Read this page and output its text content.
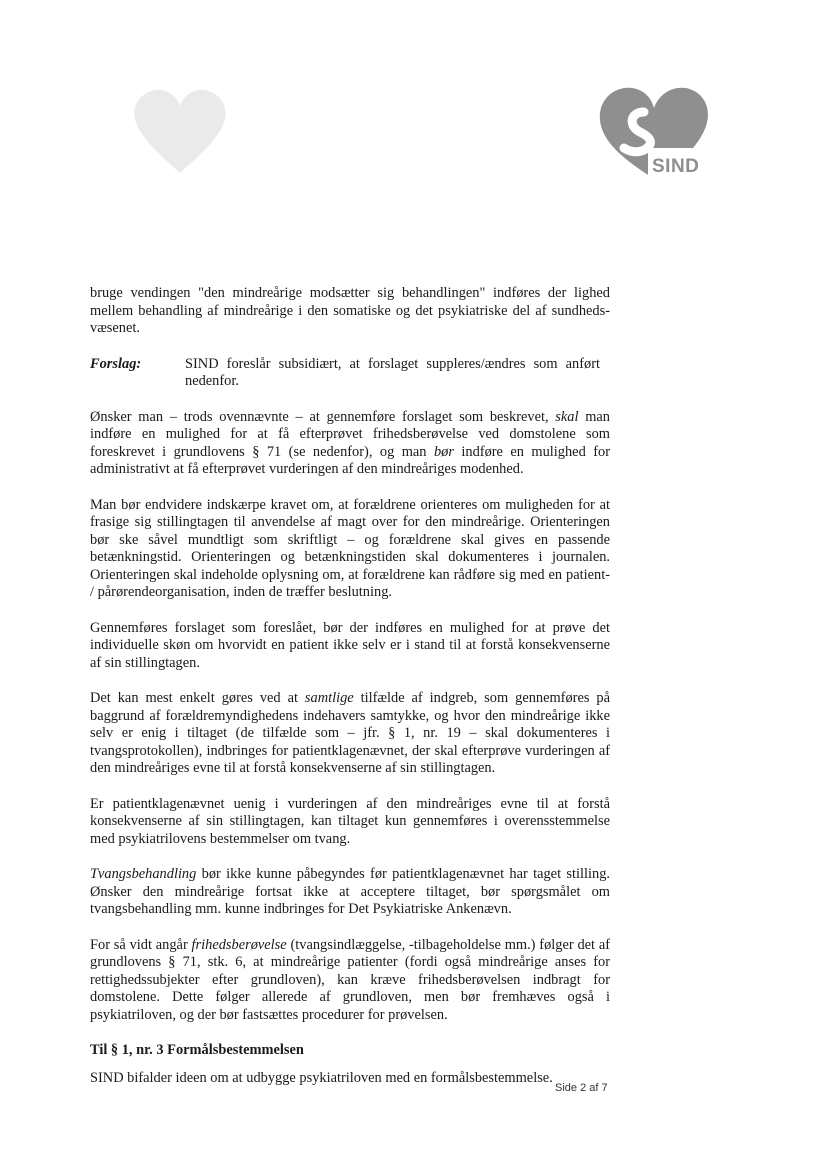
SIND

bruge vendingen "den mindreårige modsætter sig behandlingen" indføres der lighed mellem behandling af mindreårige i den somatiske og det psykiatriske del af sundheds-væsenet.

Forslag:	SIND foreslår subsidiært, at forslaget suppleres/ændres som anført nedenfor.

Ønsker man – trods ovennævnte – at gennemføre forslaget som beskrevet, skal man indføre en mulighed for at få efterprøvet frihedsberøvelse ved domstolene som foreskrevet i grundlovens § 71 (se nedenfor), og man bør indføre en mulighed for administrativt at få efterprøvet vurderingen af den mindreåriges modenhed.

Man bør endvidere indskærpe kravet om, at forældrene orienteres om muligheden for at frasige sig stillingtagen til anvendelse af magt over for den mindreårige. Orienteringen bør ske såvel mundtligt som skriftligt – og forældrene skal gives en passende betænkningstid. Orienteringen og betænkningstiden skal dokumenteres i journalen. Orienteringen skal indeholde oplysning om, at forældrene kan rådføre sig med en patient- / pårørendeorganisation, inden de træffer beslutning.

Gennemføres forslaget som foreslået, bør der indføres en mulighed for at prøve det individuelle skøn om hvorvidt en patient ikke selv er i stand til at forstå konsekvenserne af sin stillingtagen.

Det kan mest enkelt gøres ved at samtlige tilfælde af indgreb, som gennemføres på baggrund af forældremyndighedens indehavers samtykke, og hvor den mindreårige ikke selv er enig i tiltaget (de tilfælde som – jfr. § 1, nr. 19 – skal dokumenteres i tvangsprotokollen), indbringes for patientklagenævnet, der skal efterprøve vurderingen af den mindreåriges evne til at forstå konsekvenserne af sin stillingtagen.

Er patientklagenævnet uenig i vurderingen af den mindreåriges evne til at forstå konsekvenserne af sin stillingtagen, kan tiltaget kun gennemføres i overensstemmelse med psykiatrilovens bestemmelser om tvang.

Tvangsbehandling bør ikke kunne påbegyndes før patientklagenævnet har taget stilling. Ønsker den mindreårige fortsat ikke at acceptere tiltaget, bør spørgsmålet om tvangsbehandling mm. kunne indbringes for Det Psykiatriske Ankenævn.

For så vidt angår frihedsberøvelse (tvangsindlæggelse, -tilbageholdelse mm.) følger det af grundlovens § 71, stk. 6, at mindreårige patienter (fordi også mindreårige anses for rettighedssubjekter efter grundloven), kan kræve frihedsberøvelsen indbragt for domstolene. Dette følger allerede af grundloven, men bør fremhæves også i psykiatriloven, og der bør fastsættes procedurer for prøvelsen.

Til § 1, nr. 3 Formålsbestemmelsen

SIND bifalder ideen om at udbygge psykiatriloven med en formålsbestemmelse.

Side 2 af 7
